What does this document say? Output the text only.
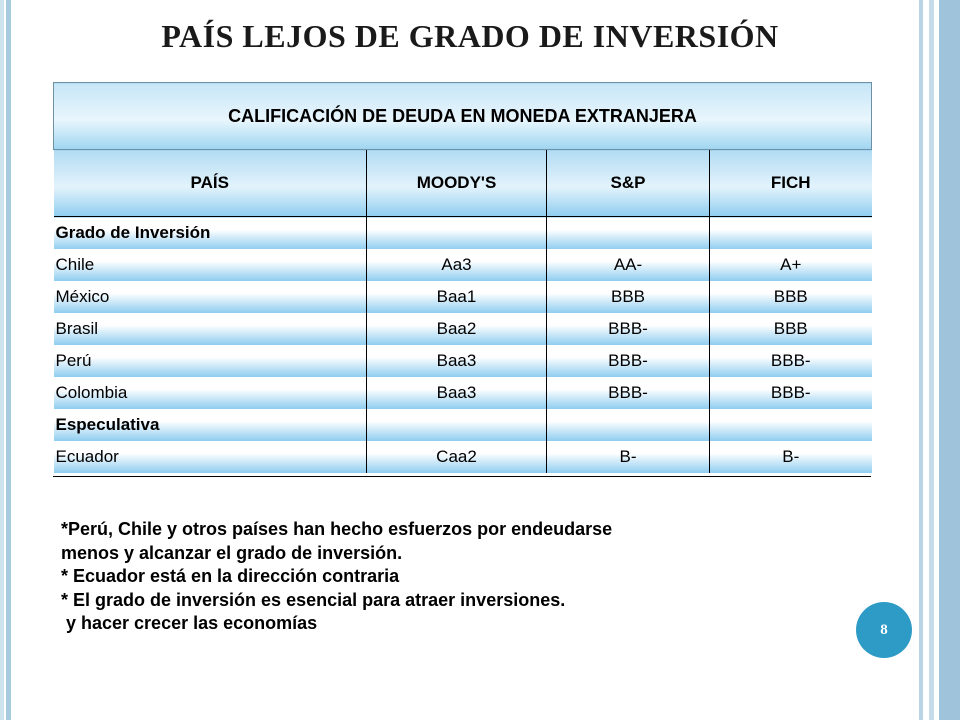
PAÍS LEJOS DE GRADO DE INVERSIÓN
CALIFICACIÓN DE DEUDA EN MONEDA EXTRANJERA			
PAÍS	MOODY'S	S&P	FICH
Grado de Inversión			
Chile	Aa3	AA-	A+
México	Baa1	BBB	BBB
Brasil	Baa2	BBB-	BBB
Perú	Baa3	BBB-	BBB-
Colombia	Baa3	BBB-	BBB-
Especulativa			
Ecuador	Caa2	B-	B-
*Perú, Chile y otros países han hecho esfuerzos por endeudarse
menos y alcanzar el grado de inversión.
* Ecuador está en la dirección contraria
* El grado de inversión es esencial para atraer inversiones.
y hacer crecer las economías	8
